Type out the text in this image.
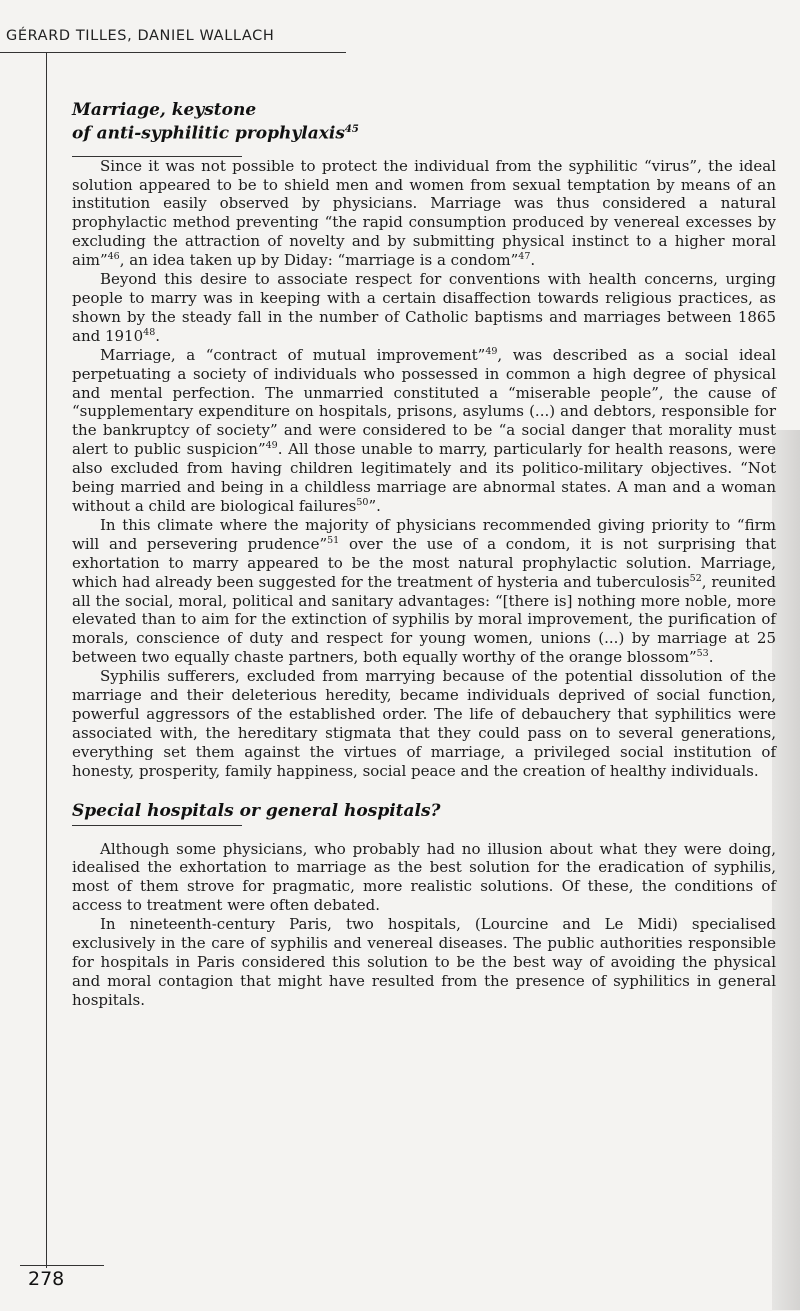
GÉRARD TILLES, DANIEL WALLACH
Marriage, keystone
of anti-syphilitic prophylaxis$^{45}$

Since it was not possible to protect the individual from the syphilitic “virus”, the ideal solution appeared to be to shield men and women from sexual temptation by means of an institution easily observed by physicians. Marriage was thus considered a natural prophylactic method preventing “the rapid consumption produced by venereal excesses by excluding the attraction of novelty and by submitting physical instinct to a higher moral aim”$^{46}$, an idea taken up by Diday: “marriage is a condom”$^{47}$.

Beyond this desire to associate respect for conventions with health concerns, urging people to marry was in keeping with a certain disaffection towards religious practices, as shown by the steady fall in the number of Catholic baptisms and marriages between 1865 and 1910$^{48}$.

Marriage, a “contract of mutual improvement”$^{49}$, was described as a social ideal perpetuating a society of individuals who possessed in common a high degree of physical and mental perfection. The unmarried constituted a “miserable people”, the cause of “supplementary expenditure on hospitals, prisons, asylums (...) and debtors, responsible for the bankruptcy of society” and were considered to be “a social danger that morality must alert to public suspicion”$^{49}$. All those unable to marry, particularly for health reasons, were also excluded from having children legitimately and its politico-military objectives. “Not being married and being in a childless marriage are abnormal states. A man and a woman without a child are biological failures$^{50}$”.

In this climate where the majority of physicians recommended giving priority to “firm will and persevering prudence”$^{51}$ over the use of a condom, it is not surprising that exhortation to marry appeared to be the most natural prophylactic solution. Marriage, which had already been suggested for the treatment of hysteria and tuberculosis$^{52}$, reunited all the social, moral, political and sanitary advantages: “[there is] nothing more noble, more elevated than to aim for the extinction of syphilis by moral improvement, the purification of morals, conscience of duty and respect for young women, unions (...) by marriage at 25 between two equally chaste partners, both equally worthy of the orange blossom”$^{53}$.

Syphilis sufferers, excluded from marrying because of the potential dissolution of the marriage and their deleterious heredity, became individuals deprived of social function, powerful aggressors of the established order. The life of debauchery that syphilitics were associated with, the hereditary stigmata that they could pass on to several generations, everything set them against the virtues of marriage, a privileged social institution of honesty, prosperity, family happiness, social peace and the creation of healthy individuals.

Special hospitals or general hospitals?

Although some physicians, who probably had no illusion about what they were doing, idealised the exhortation to marriage as the best solution for the eradication of syphilis, most of them strove for pragmatic, more realistic solutions. Of these, the conditions of access to treatment were often debated.

In nineteenth-century Paris, two hospitals, (Lourcine and Le Midi) specialised exclusively in the care of syphilis and venereal diseases. The public authorities responsible for hospitals in Paris considered this solution to be the best way of avoiding the physical and moral contagion that might have resulted from the presence of syphilitics in general hospitals.

278
